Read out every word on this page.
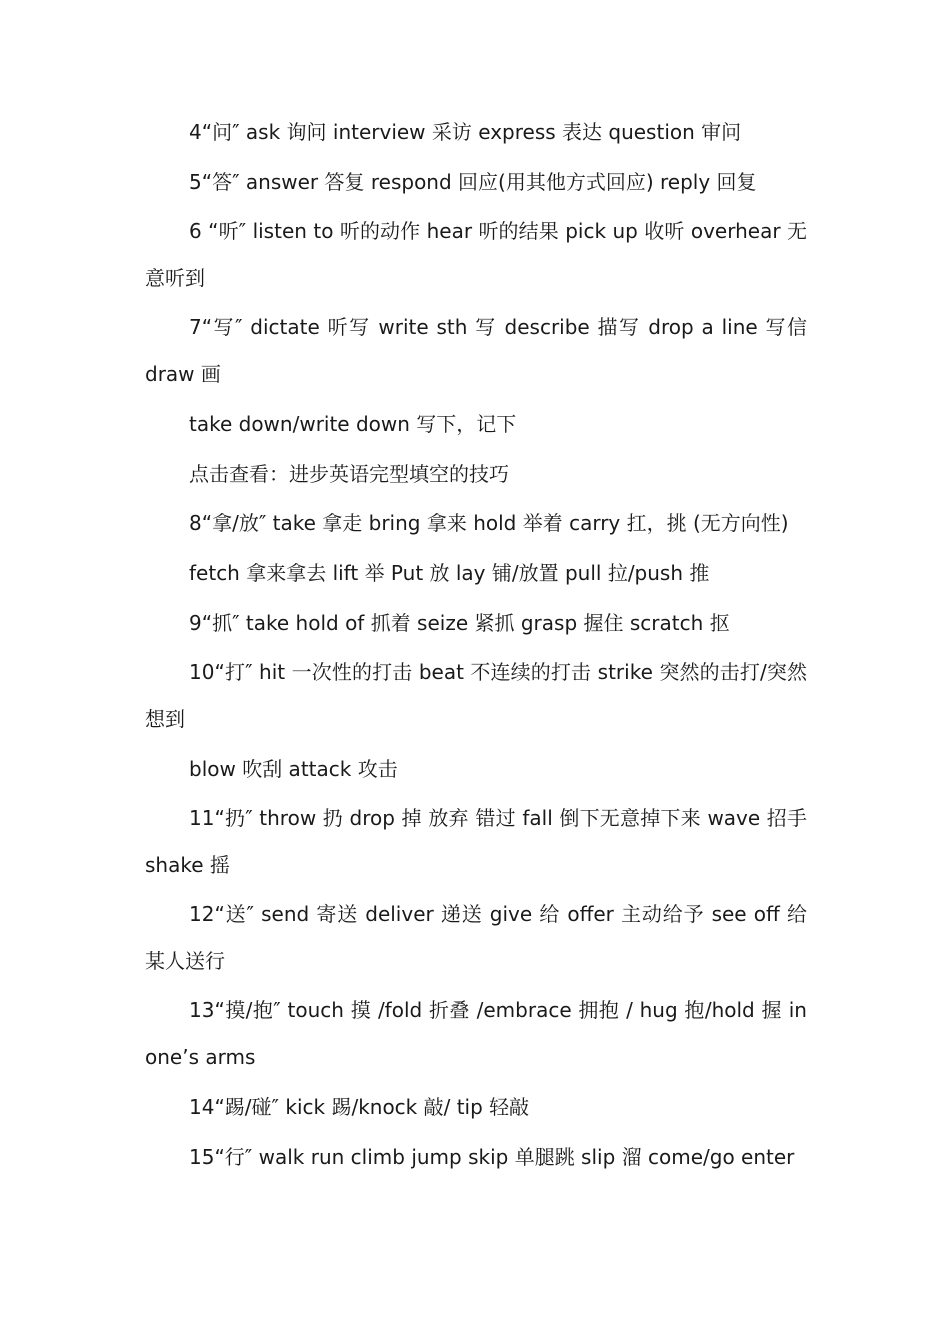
4“问″ ask 询问 interview 采访 express 表达 question 审问

5“答″ answer 答复 respond 回应(用其他方式回应) reply 回复

6 “听″ listen to 听的动作 hear 听的结果 pick up 收听 overhear 无意听到

7“写″ dictate 听写 write sth 写 describe 描写 drop a line 写信 draw 画

take down/write down 写下，记下

点击查看：进步英语完型填空的技巧

8“拿/放″ take 拿走 bring 拿来 hold 举着 carry 扛，挑 (无方向性)

fetch 拿来拿去 lift 举 Put 放 lay 铺/放置 pull 拉/push 推

9“抓″ take hold of 抓着 seize 紧抓 grasp 握住 scratch 抠

10“打″ hit 一次性的打击 beat 不连续的打击 strike 突然的击打/突然想到

blow 吹刮 attack 攻击

11“扔″ throw 扔 drop 掉 放弃 错过 fall 倒下无意掉下来 wave 招手 shake 摇

12“送″ send 寄送 deliver 递送 give 给 offer 主动给予 see off 给某人送行

13“摸/抱″ touch 摸 /fold 折叠 /embrace 拥抱 / hug 抱/hold 握 in one’s arms

14“踢/碰″ kick 踢/knock 敲/ tip 轻敲

15“行″ walk run climb jump skip 单腿跳 slip 溜 come/go enter
